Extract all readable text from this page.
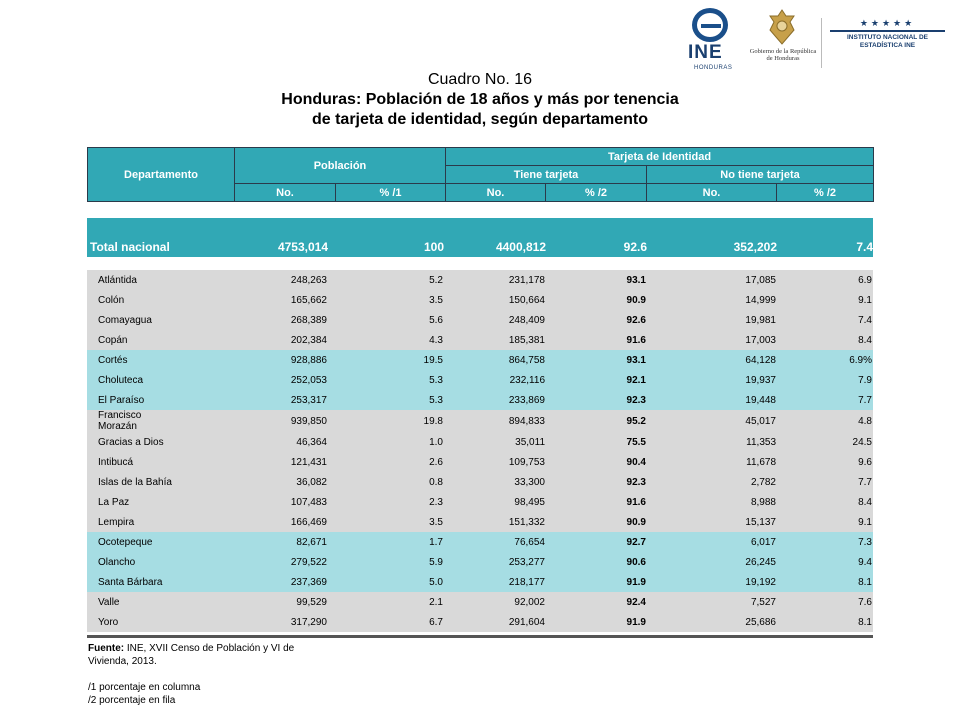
INE
HONDURAS
Gobierno de la República de Honduras
★★★★★
INSTITUTO NACIONAL DE ESTADÍSTICA INE
Cuadro No. 16
Honduras: Población de 18 años y más por tenencia
de tarjeta de identidad, según departamento
Departamento	Población		Tarjeta de Identidad			
			Tiene tarjeta		No tiene tarjeta	
	No.	% /1	No.	% /2	No.	% /2
Total nacional	4753,014	100	4400,812	92.6	352,202	7.4
Atlántida	248,263	5.2	231,178	93.1	17,085	6.9
Colón	165,662	3.5	150,664	90.9	14,999	9.1
Comayagua	268,389	5.6	248,409	92.6	19,981	7.4
Copán	202,384	4.3	185,381	91.6	17,003	8.4
Cortés	928,886	19.5	864,758	93.1	64,128	6.9%
Choluteca	252,053	5.3	232,116	92.1	19,937	7.9
El Paraíso	253,317	5.3	233,869	92.3	19,448	7.7
Francisco Morazán	939,850	19.8	894,833	95.2	45,017	4.8
Gracias a Dios	46,364	1.0	35,011	75.5	11,353	24.5
Intibucá	121,431	2.6	109,753	90.4	11,678	9.6
Islas de la Bahía	36,082	0.8	33,300	92.3	2,782	7.7
La Paz	107,483	2.3	98,495	91.6	8,988	8.4
Lempira	166,469	3.5	151,332	90.9	15,137	9.1
Ocotepeque	82,671	1.7	76,654	92.7	6,017	7.3
Olancho	279,522	5.9	253,277	90.6	26,245	9.4
Santa Bárbara	237,369	5.0	218,177	91.9	19,192	8.1
Valle	99,529	2.1	92,002	92.4	7,527	7.6
Yoro	317,290	6.7	291,604	91.9	25,686	8.1
Fuente: INE, XVII Censo de Población y VI de Vivienda, 2013.
/1 porcentaje en columna
/2 porcentaje en fila
